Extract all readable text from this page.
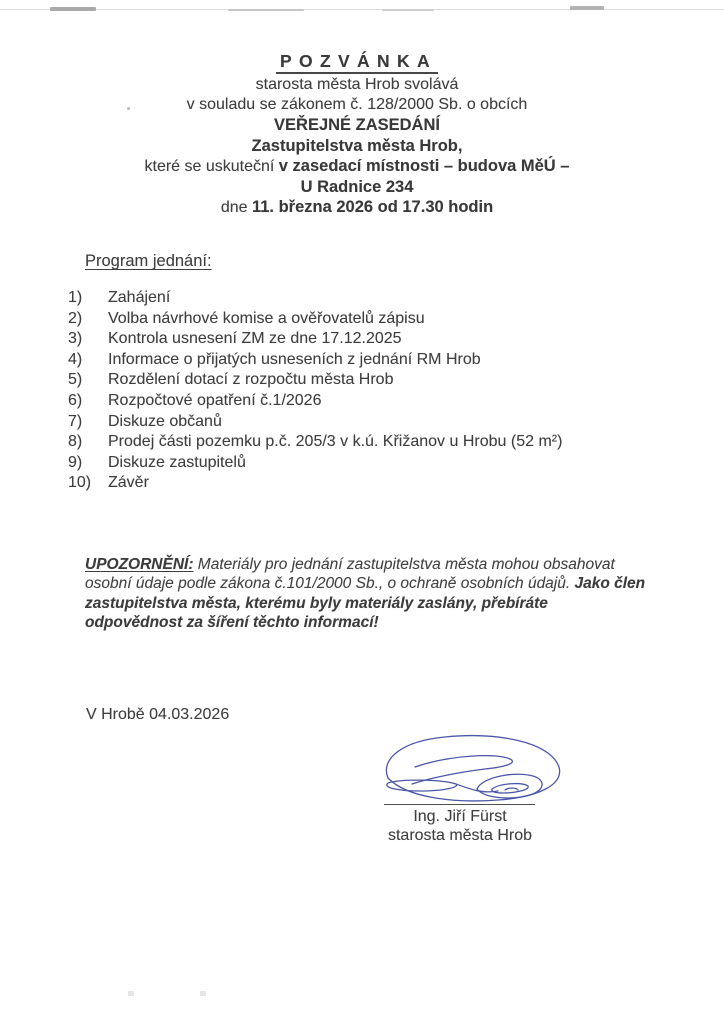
POZVÁNKA
starosta města Hrob svolává
v souladu se zákonem č. 128/2000 Sb. o obcích
VEŘEJNÉ ZASEDÁNÍ
Zastupitelstva města Hrob,
které se uskuteční v zasedací místnosti – budova MěÚ –
U Radnice 234
dne 11. března 2026 od 17.30 hodin
Program jednání:
1)	Zahájení
2)	Volba návrhové komise a ověřovatelů zápisu
3)	Kontrola usnesení ZM ze dne 17.12.2025
4)	Informace o přijatých usneseních z jednání RM Hrob
5)	Rozdělení dotací z rozpočtu města Hrob
6)	Rozpočtové opatření č.1/2026
7)	Diskuze občanů
8)	Prodej části pozemku p.č. 205/3 v k.ú. Křižanov u Hrobu (52 m²)
9)	Diskuze zastupitelů
10)	Závěr
UPOZORNĚNÍ: Materiály pro jednání zastupitelstva města mohou obsahovat osobní údaje podle zákona č.101/2000 Sb., o ochraně osobních údajů. Jako člen zastupitelstva města, kterému byly materiály zaslány, přebíráte odpovědnost za šíření těchto informací!
V Hrobě 04.03.2026
Ing. Jiří Fürst
starosta města Hrob
